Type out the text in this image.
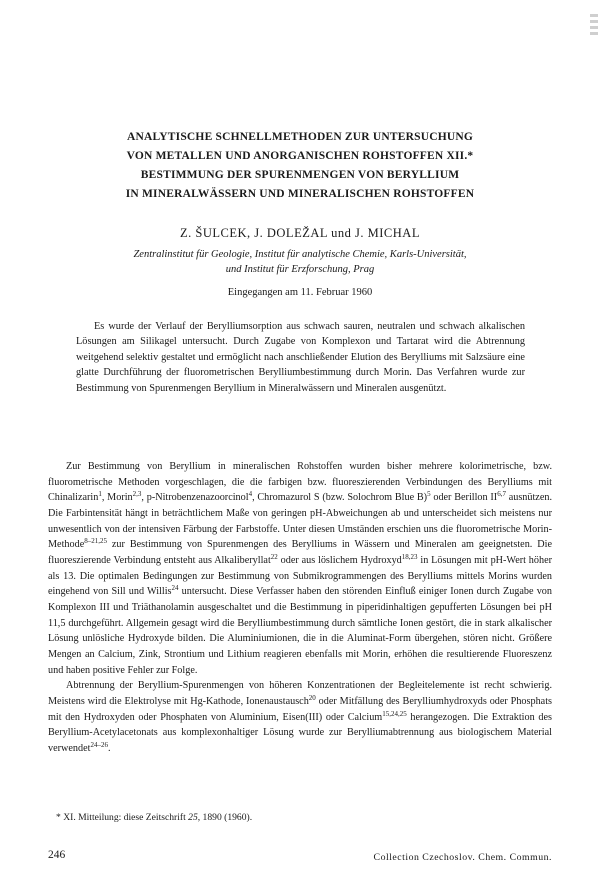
ANALYTISCHE SCHNELLMETHODEN ZUR UNTERSUCHUNG
VON METALLEN UND ANORGANISCHEN ROHSTOFFEN XII.*
BESTIMMUNG DER SPURENMENGEN VON BERYLLIUM
IN MINERALWÄSSERN UND MINERALISCHEN ROHSTOFFEN
Z. ŠULCEK, J. DOLEŽAL und J. MICHAL
Zentralinstitut für Geologie, Institut für analytische Chemie, Karls-Universität,
und Institut für Erzforschung, Prag
Eingegangen am 11. Februar 1960

Es wurde der Verlauf der Berylliumsorption aus schwach sauren, neutralen und schwach alkalischen Lösungen am Silikagel untersucht. Durch Zugabe von Komplexon und Tartarat wird die Abtrennung weitgehend selektiv gestaltet und ermöglicht nach anschließender Elution des Berylliums mit Salzsäure eine glatte Durchführung der fluorometrischen Berylliumbestimmung durch Morin. Das Verfahren wurde zur Bestimmung von Spurenmengen Beryllium in Mineralwässern und Mineralen ausgenützt.

Zur Bestimmung von Beryllium in mineralischen Rohstoffen wurden bisher mehrere kolorimetrische, bzw. fluorometrische Methoden vorgeschlagen, die die farbigen bzw. fluoreszierenden Verbindungen des Berylliums mit Chinalizarin$^1$, Morin$^{2,3}$, p-Nitrobenzenazoorcinol$^4$, Chromazurol S (bzw. Solochrom Blue B)$^5$ oder Berillon II$^{6,7}$ ausnützen. Die Farbintensität hängt in beträchtlichem Maße von geringen pH-Abweichungen ab und unterscheidet sich meistens nur unwesentlich von der intensiven Färbung der Farbstoffe. Unter diesen Umständen erschien uns die fluorometrische Morin-Methode$^{8-21,25}$ zur Bestimmung von Spurenmengen des Berylliums in Wässern und Mineralen am geeignetsten. Die fluoreszierende Verbindung entsteht aus Alkaliberyllat$^{22}$ oder aus löslichem Hydroxyd$^{18,23}$ in Lösungen mit pH-Wert höher als 13. Die optimalen Bedingungen zur Bestimmung von Submikrogrammengen des Berylliums mittels Morins wurden eingehend von Sill und Willis$^{24}$ untersucht. Diese Verfasser haben den störenden Einfluß einiger Ionen durch Zugabe von Komplexon III und Triäthanolamin ausgeschaltet und die Bestimmung in piperidinhaltigen gepufferten Lösungen bei pH 11,5 durchgeführt. Allgemein gesagt wird die Berylliumbestimmung durch sämtliche Ionen gestört, die in stark alkalischer Lösung unlösliche Hydroxyde bilden. Die Aluminiumionen, die in die Aluminat-Form übergehen, stören nicht. Größere Mengen an Calcium, Zink, Strontium und Lithium reagieren ebenfalls mit Morin, erhöhen die resultierende Fluoreszenz und haben positive Fehler zur Folge.

Abtrennung der Beryllium-Spurenmengen von höheren Konzentrationen der Begleitelemente ist recht schwierig. Meistens wird die Elektrolyse mit Hg-Kathode, Ionenaustausch$^{20}$ oder Mitfällung des Berylliumhydroxyds oder Phosphats mit den Hydroxyden oder Phosphaten von Aluminium, Eisen(III) oder Calcium$^{15,24,25}$ herangezogen. Die Extraktion des Beryllium-Acetylacetonats aus komplexonhaltiger Lösung wurde zur Berylliumabtrennung aus biologischem Material verwendet$^{24-26}$.

* XI. Mitteilung: diese Zeitschrift 25, 1890 (1960).
246	Collection Czechoslov. Chem. Commun.
